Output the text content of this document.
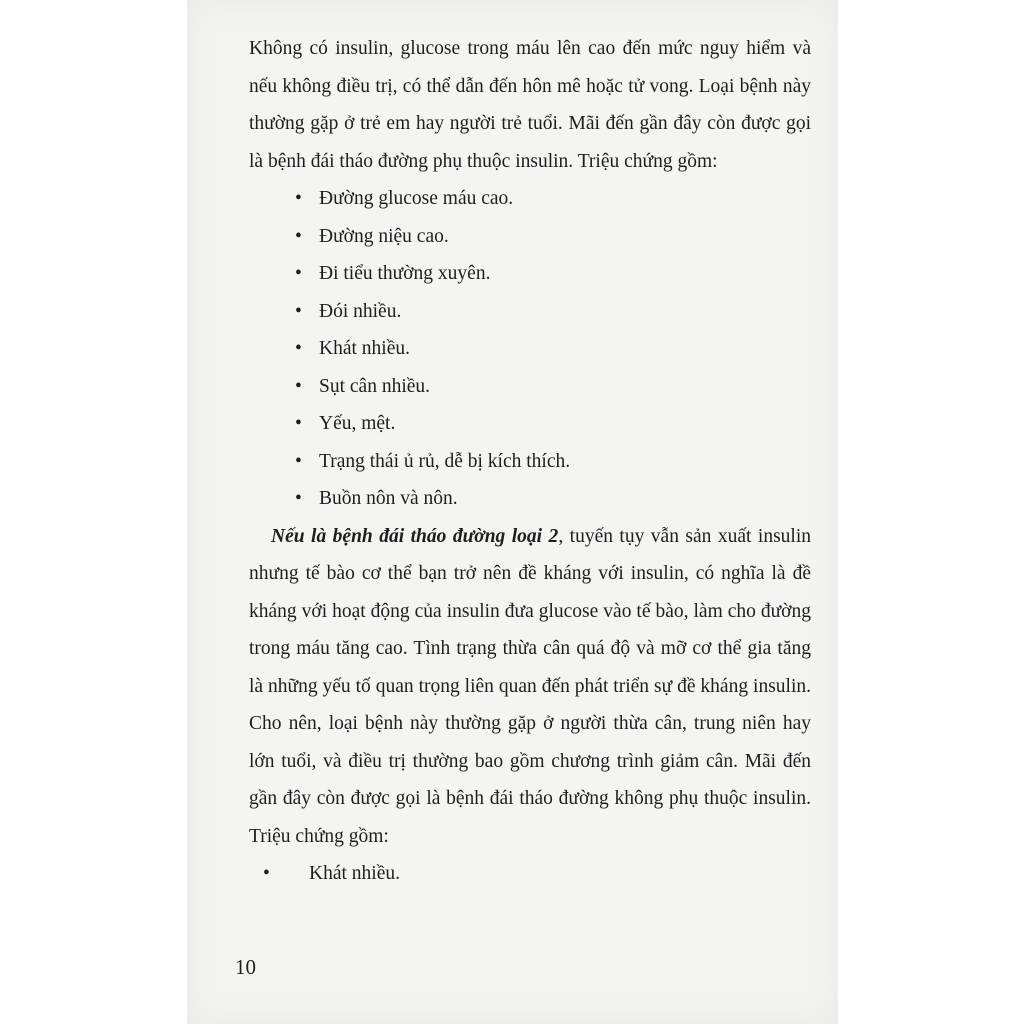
Không có insulin, glucose trong máu lên cao đến mức nguy hiểm và nếu không điều trị, có thể dẫn đến hôn mê hoặc tử vong. Loại bệnh này thường gặp ở trẻ em hay người trẻ tuổi. Mãi đến gần đây còn được gọi là bệnh đái tháo đường phụ thuộc insulin. Triệu chứng gồm:

• Đường glucose máu cao.
• Đường niệu cao.
• Đi tiểu thường xuyên.
• Đói nhiều.
• Khát nhiều.
• Sụt cân nhiều.
• Yếu, mệt.
• Trạng thái ủ rủ, dễ bị kích thích.
• Buồn nôn và nôn.

Nếu là bệnh đái tháo đường loại 2, tuyến tụy vẫn sản xuất insulin nhưng tế bào cơ thể bạn trở nên đề kháng với insulin, có nghĩa là đề kháng với hoạt động của insulin đưa glucose vào tế bào, làm cho đường trong máu tăng cao. Tình trạng thừa cân quá độ và mỡ cơ thể gia tăng là những yếu tố quan trọng liên quan đến phát triển sự đề kháng insulin. Cho nên, loại bệnh này thường gặp ở người thừa cân, trung niên hay lớn tuổi, và điều trị thường bao gồm chương trình giảm cân. Mãi đến gần đây còn được gọi là bệnh đái tháo đường không phụ thuộc insulin. Triệu chứng gồm:

• Khát nhiều.
10
